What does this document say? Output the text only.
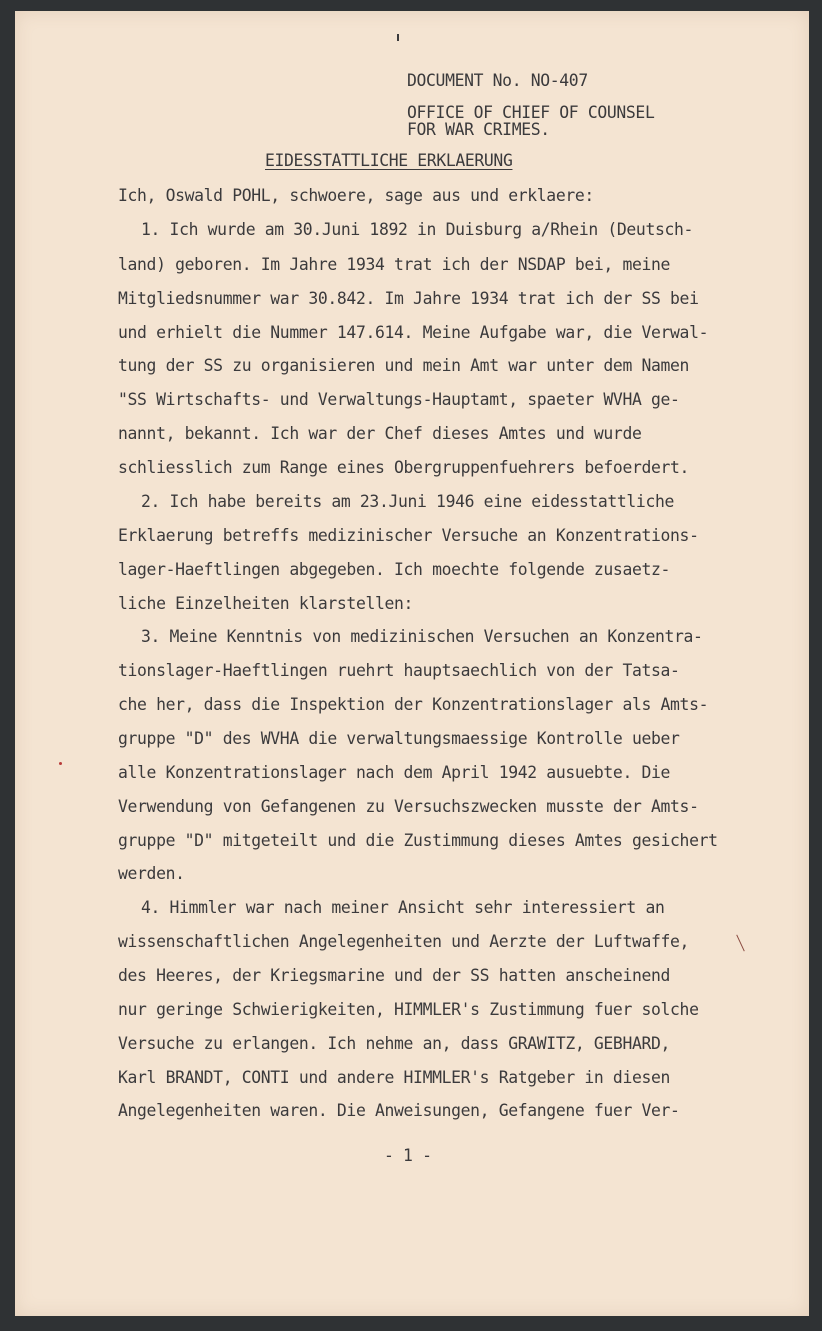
DOCUMENT No. NO-407
OFFICE OF CHIEF OF COUNSEL
FOR WAR CRIMES.
EIDESSTATTLICHE ERKLAERUNG
Ich, Oswald POHL, schwoere, sage aus und erklaere:
1. Ich wurde am 30.Juni 1892 in Duisburg a/Rhein (Deutsch-
land) geboren. Im Jahre 1934 trat ich der NSDAP bei, meine
Mitgliedsnummer war 30.842. Im Jahre 1934 trat ich der SS bei
und erhielt die Nummer 147.614. Meine Aufgabe war, die Verwal-
tung der SS zu organisieren und mein Amt war unter dem Namen
"SS Wirtschafts- und Verwaltungs-Hauptamt, spaeter WVHA ge-
nannt, bekannt. Ich war der Chef dieses Amtes und wurde
schliesslich zum Range eines Obergruppenfuehrers befoerdert.
2. Ich habe bereits am 23.Juni 1946 eine eidesstattliche
Erklaerung betreffs medizinischer Versuche an Konzentrations-
lager-Haeftlingen abgegeben. Ich moechte folgende zusaetz-
liche Einzelheiten klarstellen:
3. Meine Kenntnis von medizinischen Versuchen an Konzentra-
tionslager-Haeftlingen ruehrt hauptsaechlich von der Tatsa-
che her, dass die Inspektion der Konzentrationslager als Amts-
gruppe "D" des WVHA die verwaltungsmaessige Kontrolle ueber
alle Konzentrationslager nach dem April 1942 ausuebte. Die
Verwendung von Gefangenen zu Versuchszwecken musste der Amts-
gruppe "D" mitgeteilt und die Zustimmung dieses Amtes gesichert
werden.
4. Himmler war nach meiner Ansicht sehr interessiert an
wissenschaftlichen Angelegenheiten und Aerzte der Luftwaffe,
des Heeres, der Kriegsmarine und der SS hatten anscheinend
nur geringe Schwierigkeiten, HIMMLER's Zustimmung fuer solche
Versuche zu erlangen. Ich nehme an, dass GRAWITZ, GEBHARD,
Karl BRANDT, CONTI und andere HIMMLER's Ratgeber in diesen
Angelegenheiten waren. Die Anweisungen, Gefangene fuer Ver-
- 1 -
